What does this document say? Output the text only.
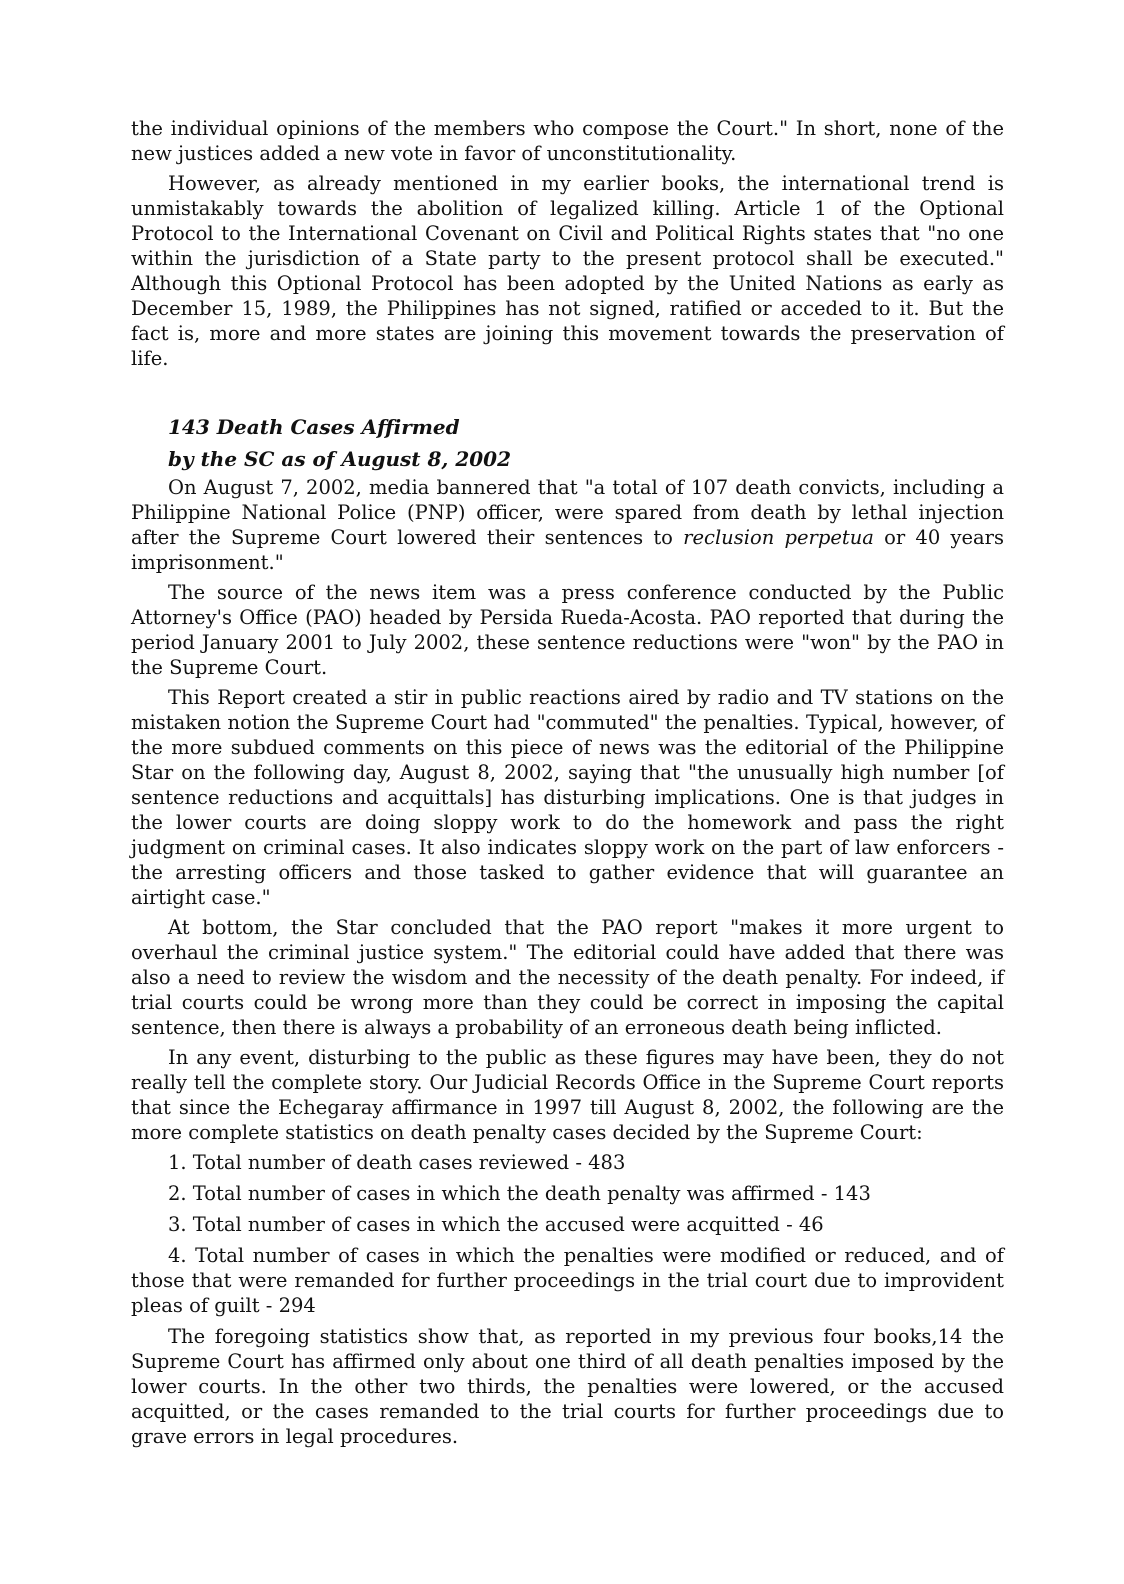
the individual opinions of the members who compose the Court." In short, none of the new justices added a new vote in favor of unconstitutionality.

However, as already mentioned in my earlier books, the international trend is unmistakably towards the abolition of legalized killing. Article 1 of the Optional Protocol to the International Covenant on Civil and Political Rights states that "no one within the jurisdiction of a State party to the present protocol shall be executed." Although this Optional Protocol has been adopted by the United Nations as early as December 15, 1989, the Philippines has not signed, ratified or acceded to it. But the fact is, more and more states are joining this movement towards the preservation of life.

143 Death Cases Affirmed
by the SC as of August 8, 2002

On August 7, 2002, media bannered that "a total of 107 death convicts, including a Philippine National Police (PNP) officer, were spared from death by lethal injection after the Supreme Court lowered their sentences to reclusion perpetua or 40 years imprisonment."

The source of the news item was a press conference conducted by the Public Attorney's Office (PAO) headed by Persida Rueda-Acosta. PAO reported that during the period January 2001 to July 2002, these sentence reductions were "won" by the PAO in the Supreme Court.

This Report created a stir in public reactions aired by radio and TV stations on the mistaken notion the Supreme Court had "commuted" the penalties. Typical, however, of the more subdued comments on this piece of news was the editorial of the Philippine Star on the following day, August 8, 2002, saying that "the unusually high number [of sentence reductions and acquittals] has disturbing implications. One is that judges in the lower courts are doing sloppy work to do the homework and pass the right judgment on criminal cases. It also indicates sloppy work on the part of law enforcers - the arresting officers and those tasked to gather evidence that will guarantee an airtight case."

At bottom, the Star concluded that the PAO report "makes it more urgent to overhaul the criminal justice system." The editorial could have added that there was also a need to review the wisdom and the necessity of the death penalty. For indeed, if trial courts could be wrong more than they could be correct in imposing the capital sentence, then there is always a probability of an erroneous death being inflicted.

In any event, disturbing to the public as these figures may have been, they do not really tell the complete story. Our Judicial Records Office in the Supreme Court reports that since the Echegaray affirmance in 1997 till August 8, 2002, the following are the more complete statistics on death penalty cases decided by the Supreme Court:

1. Total number of death cases reviewed - 483

2. Total number of cases in which the death penalty was affirmed - 143

3. Total number of cases in which the accused were acquitted - 46

4. Total number of cases in which the penalties were modified or reduced, and of those that were remanded for further proceedings in the trial court due to improvident pleas of guilt - 294

The foregoing statistics show that, as reported in my previous four books,14 the Supreme Court has affirmed only about one third of all death penalties imposed by the lower courts. In the other two thirds, the penalties were lowered, or the accused acquitted, or the cases remanded to the trial courts for further proceedings due to grave errors in legal procedures.
